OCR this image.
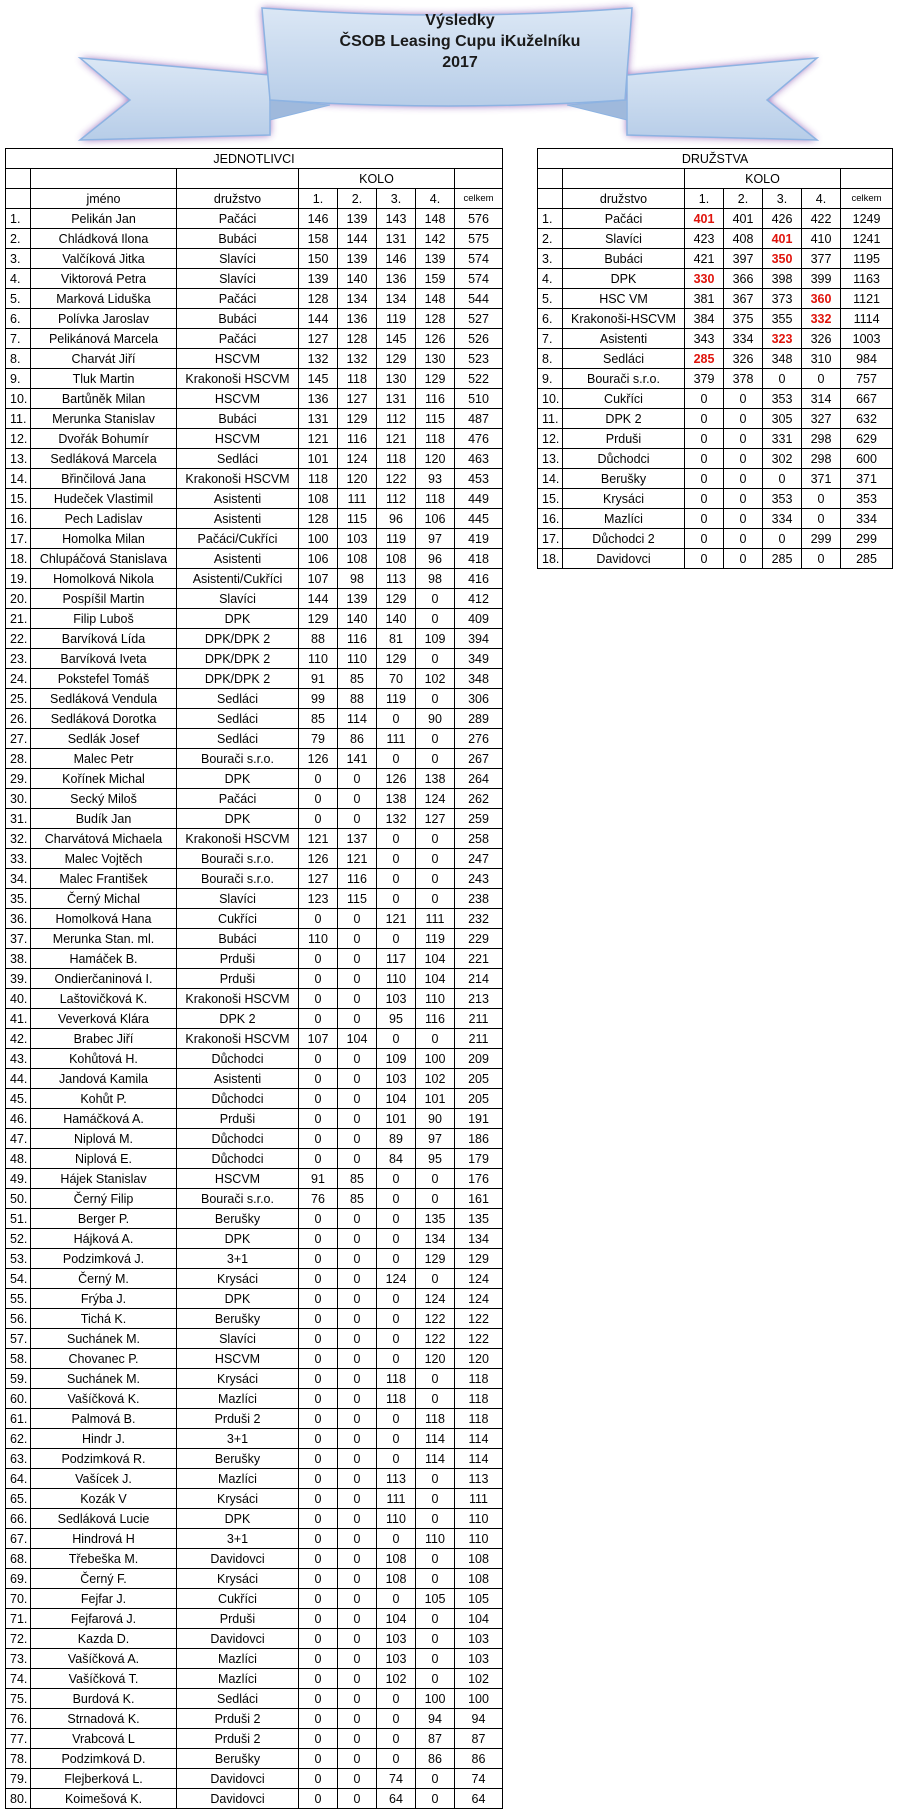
Výsledky
ČSOB Leasing Cupu iKuželníku
2017
JEDNOTLIVCI							
			KOLO				
	jméno	družstvo	1.	2.	3.	4.	celkem
1.	Pelikán Jan	Pačáci	146	139	143	148	576
2.	Chládková Ilona	Bubáci	158	144	131	142	575
3.	Valčíková Jitka	Slavíci	150	139	146	139	574
4.	Viktorová Petra	Slavíci	139	140	136	159	574
5.	Marková Liduška	Pačáci	128	134	134	148	544
6.	Polívka Jaroslav	Bubáci	144	136	119	128	527
7.	Pelikánová Marcela	Pačáci	127	128	145	126	526
8.	Charvát Jiří	HSCVM	132	132	129	130	523
9.	Tluk Martin	Krakonoši HSCVM	145	118	130	129	522
10.	Bartůněk Milan	HSCVM	136	127	131	116	510
11.	Merunka Stanislav	Bubáci	131	129	112	115	487
12.	Dvořák Bohumír	HSCVM	121	116	121	118	476
13.	Sedláková Marcela	Sedláci	101	124	118	120	463
14.	Břinčilová Jana	Krakonoši HSCVM	118	120	122	93	453
15.	Hudeček Vlastimil	Asistenti	108	111	112	118	449
16.	Pech Ladislav	Asistenti	128	115	96	106	445
17.	Homolka Milan	Pačáci/Cukříci	100	103	119	97	419
18.	Chlupáčová Stanislava	Asistenti	106	108	108	96	418
19.	Homolková Nikola	Asistenti/Cukříci	107	98	113	98	416
20.	Pospíšil Martin	Slavíci	144	139	129	0	412
21.	Filip Luboš	DPK	129	140	140	0	409
22.	Barvíková Lída	DPK/DPK 2	88	116	81	109	394
23.	Barvíková Iveta	DPK/DPK 2	110	110	129	0	349
24.	Pokstefel Tomáš	DPK/DPK 2	91	85	70	102	348
25.	Sedláková Vendula	Sedláci	99	88	119	0	306
26.	Sedláková Dorotka	Sedláci	85	114	0	90	289
27.	Sedlák Josef	Sedláci	79	86	111	0	276
28.	Malec Petr	Bourači s.r.o.	126	141	0	0	267
29.	Kořínek Michal	DPK	0	0	126	138	264
30.	Secký Miloš	Pačáci	0	0	138	124	262
31.	Budík Jan	DPK	0	0	132	127	259
32.	Charvátová Michaela	Krakonoši HSCVM	121	137	0	0	258
33.	Malec Vojtěch	Bourači s.r.o.	126	121	0	0	247
34.	Malec Františ̌ek	Bourači s.r.o.	127	116	0	0	243
35.	Černý Michal	Slavíci	123	115	0	0	238
36.	Homolková Hana	Cukříci	0	0	121	111	232
37.	Merunka Stan. ml.	Bubáci	110	0	0	119	229
38.	Hamáček B.	Prduši	0	0	117	104	221
39.	Ondierčaninová I.	Prduši	0	0	110	104	214
40.	Laštovičková K.	Krakonoši HSCVM	0	0	103	110	213
41.	Veverková Klára	DPK 2	0	0	95	116	211
42.	Brabec Jiří	Krakonoši HSCVM	107	104	0	0	211
43.	Kohůtová H.	Důchodci	0	0	109	100	209
44.	Jandová Kamila	Asistenti	0	0	103	102	205
45.	Kohůt P.	Důchodci	0	0	104	101	205
46.	Hamáčková A.	Prduši	0	0	101	90	191
47.	Niplová M.	Důchodci	0	0	89	97	186
48.	Niplová E.	Důchodci	0	0	84	95	179
49.	Hájek Stanislav	HSCVM	91	85	0	0	176
50.	Černý Filip	Bourači s.r.o.	76	85	0	0	161
51.	Berger P.	Berušky	0	0	0	135	135
52.	Hájková A.	DPK	0	0	0	134	134
53.	Podzimková J.	3+1	0	0	0	129	129
54.	Černý M.	Krysáci	0	0	124	0	124
55.	Frýba J.	DPK	0	0	0	124	124
56.	Tichá K.	Berušky	0	0	0	122	122
57.	Suchánek M.	Slavíci	0	0	0	122	122
58.	Chovanec P.	HSCVM	0	0	0	120	120
59.	Suchánek M.	Krysáci	0	0	118	0	118
60.	Vašíčková K.	Mazlíci	0	0	118	0	118
61.	Palmová B.	Prduši 2	0	0	0	118	118
62.	Hindr J.	3+1	0	0	0	114	114
63.	Podzimková R.	Berušky	0	0	0	114	114
64.	Vašícek J.	Mazlíci	0	0	113	0	113
65.	Kozák V	Krysáci	0	0	111	0	111
66.	Sedláková Lucie	DPK	0	0	110	0	110
67.	Hindrová H	3+1	0	0	0	110	110
68.	Třebeška M.	Davidovci	0	0	108	0	108
69.	Černý F.	Krysáci	0	0	108	0	108
70.	Fejfar J.	Cukříci	0	0	0	105	105
71.	Fejfarová J.	Prduši	0	0	104	0	104
72.	Kazda D.	Davidovci	0	0	103	0	103
73.	Vašíčková A.	Mazlíci	0	0	103	0	103
74.	Vašíčková T.	Mazlíci	0	0	102	0	102
75.	Burdová K.	Sedláci	0	0	0	100	100
76.	Strnadová K.	Prduši 2	0	0	0	94	94
77.	Vrabcová L	Prduši 2	0	0	0	87	87
78.	Podzimková D.	Berušky	0	0	0	86	86
79.	Flejberková L.	Davidovci	0	0	74	0	74
80.	Koimešová K.	Davidovci	0	0	64	0	64
DRUŽSTVA						
		KOLO				
	družstvo	1.	2.	3.	4.	celkem
1.	Pačáci	401	401	426	422	1249
2.	Slavíci	423	408	401	410	1241
3.	Bubáci	421	397	350	377	1195
4.	DPK	330	366	398	399	1163
5.	HSC VM	381	367	373	360	1121
6.	Krakonoši-HSCVM	384	375	355	332	1114
7.	Asistenti	343	334	323	326	1003
8.	Sedláci	285	326	348	310	984
9.	Bourači s.r.o.	379	378	0	0	757
10.	Cukříci	0	0	353	314	667
11.	DPK 2	0	0	305	327	632
12.	Prduši	0	0	331	298	629
13.	Důchodci	0	0	302	298	600
14.	Berušky	0	0	0	371	371
15.	Krysáci	0	0	353	0	353
16.	Mazlíci	0	0	334	0	334
17.	Důchodci 2	0	0	0	299	299
18.	Davidovci	0	0	285	0	285
